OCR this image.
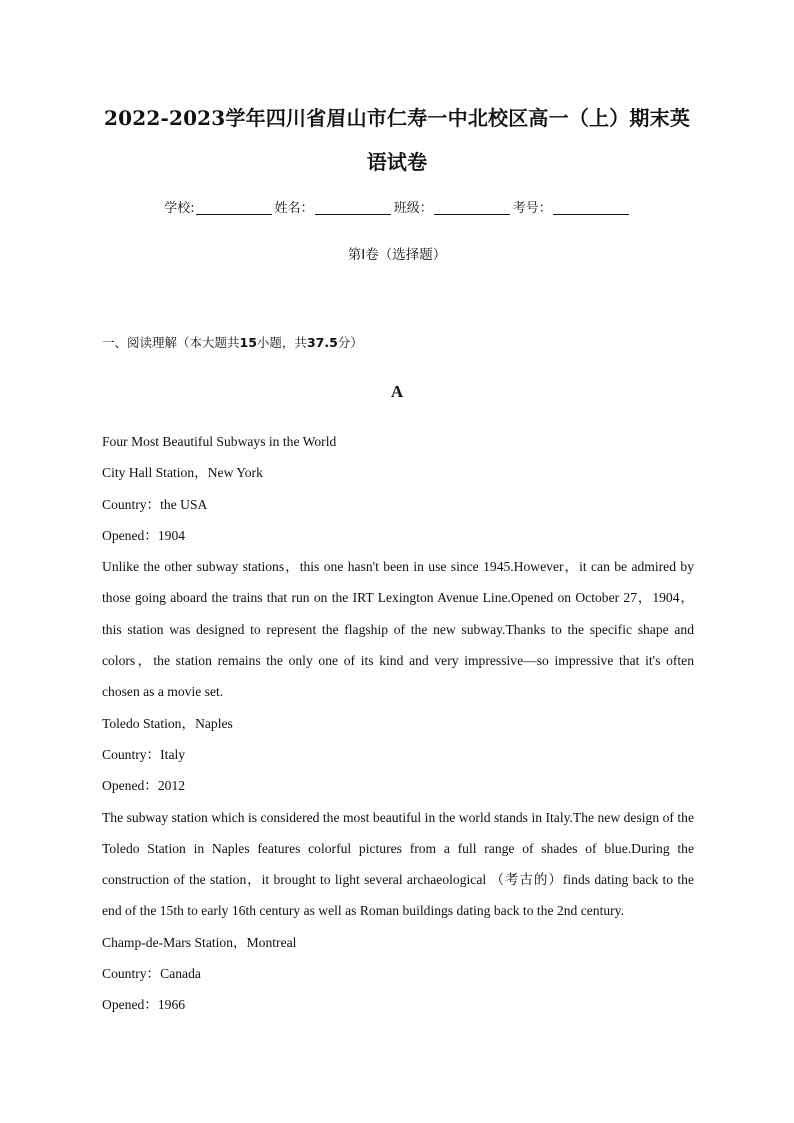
2022-2023学年四川省眉山市仁寿一中北校区高一（上）期末英
语试卷
学校:	姓名：	班级：	考号：
第Ⅰ卷（选择题）
一、阅读理解（本大题共15小题，共37.5分）
A
Four Most Beautiful Subways in the World
City Hall Station，New York
Country：the USA
Opened：1904
Unlike the other subway stations，this one hasn't been in use since 1945.However，it can be admired by those going aboard the trains that run on the IRT Lexington Avenue Line.Opened on October 27，1904，this station was designed to represent the flagship of the new subway.Thanks to the specific shape and colors，the station remains the only one of its kind and very impressive—so impressive that it's often chosen as a movie set.
Toledo Station，Naples
Country：Italy
Opened：2012
The subway station which is considered the most beautiful in the world stands in Italy.The new design of the Toledo Station in Naples features colorful pictures from a full range of shades of blue.During the construction of the station，it brought to light several archaeological （考古的）finds dating back to the end of the 15th to early 16th century as well as Roman buildings dating back to the 2nd century.
Champ-de-Mars Station，Montreal
Country：Canada
Opened：1966
